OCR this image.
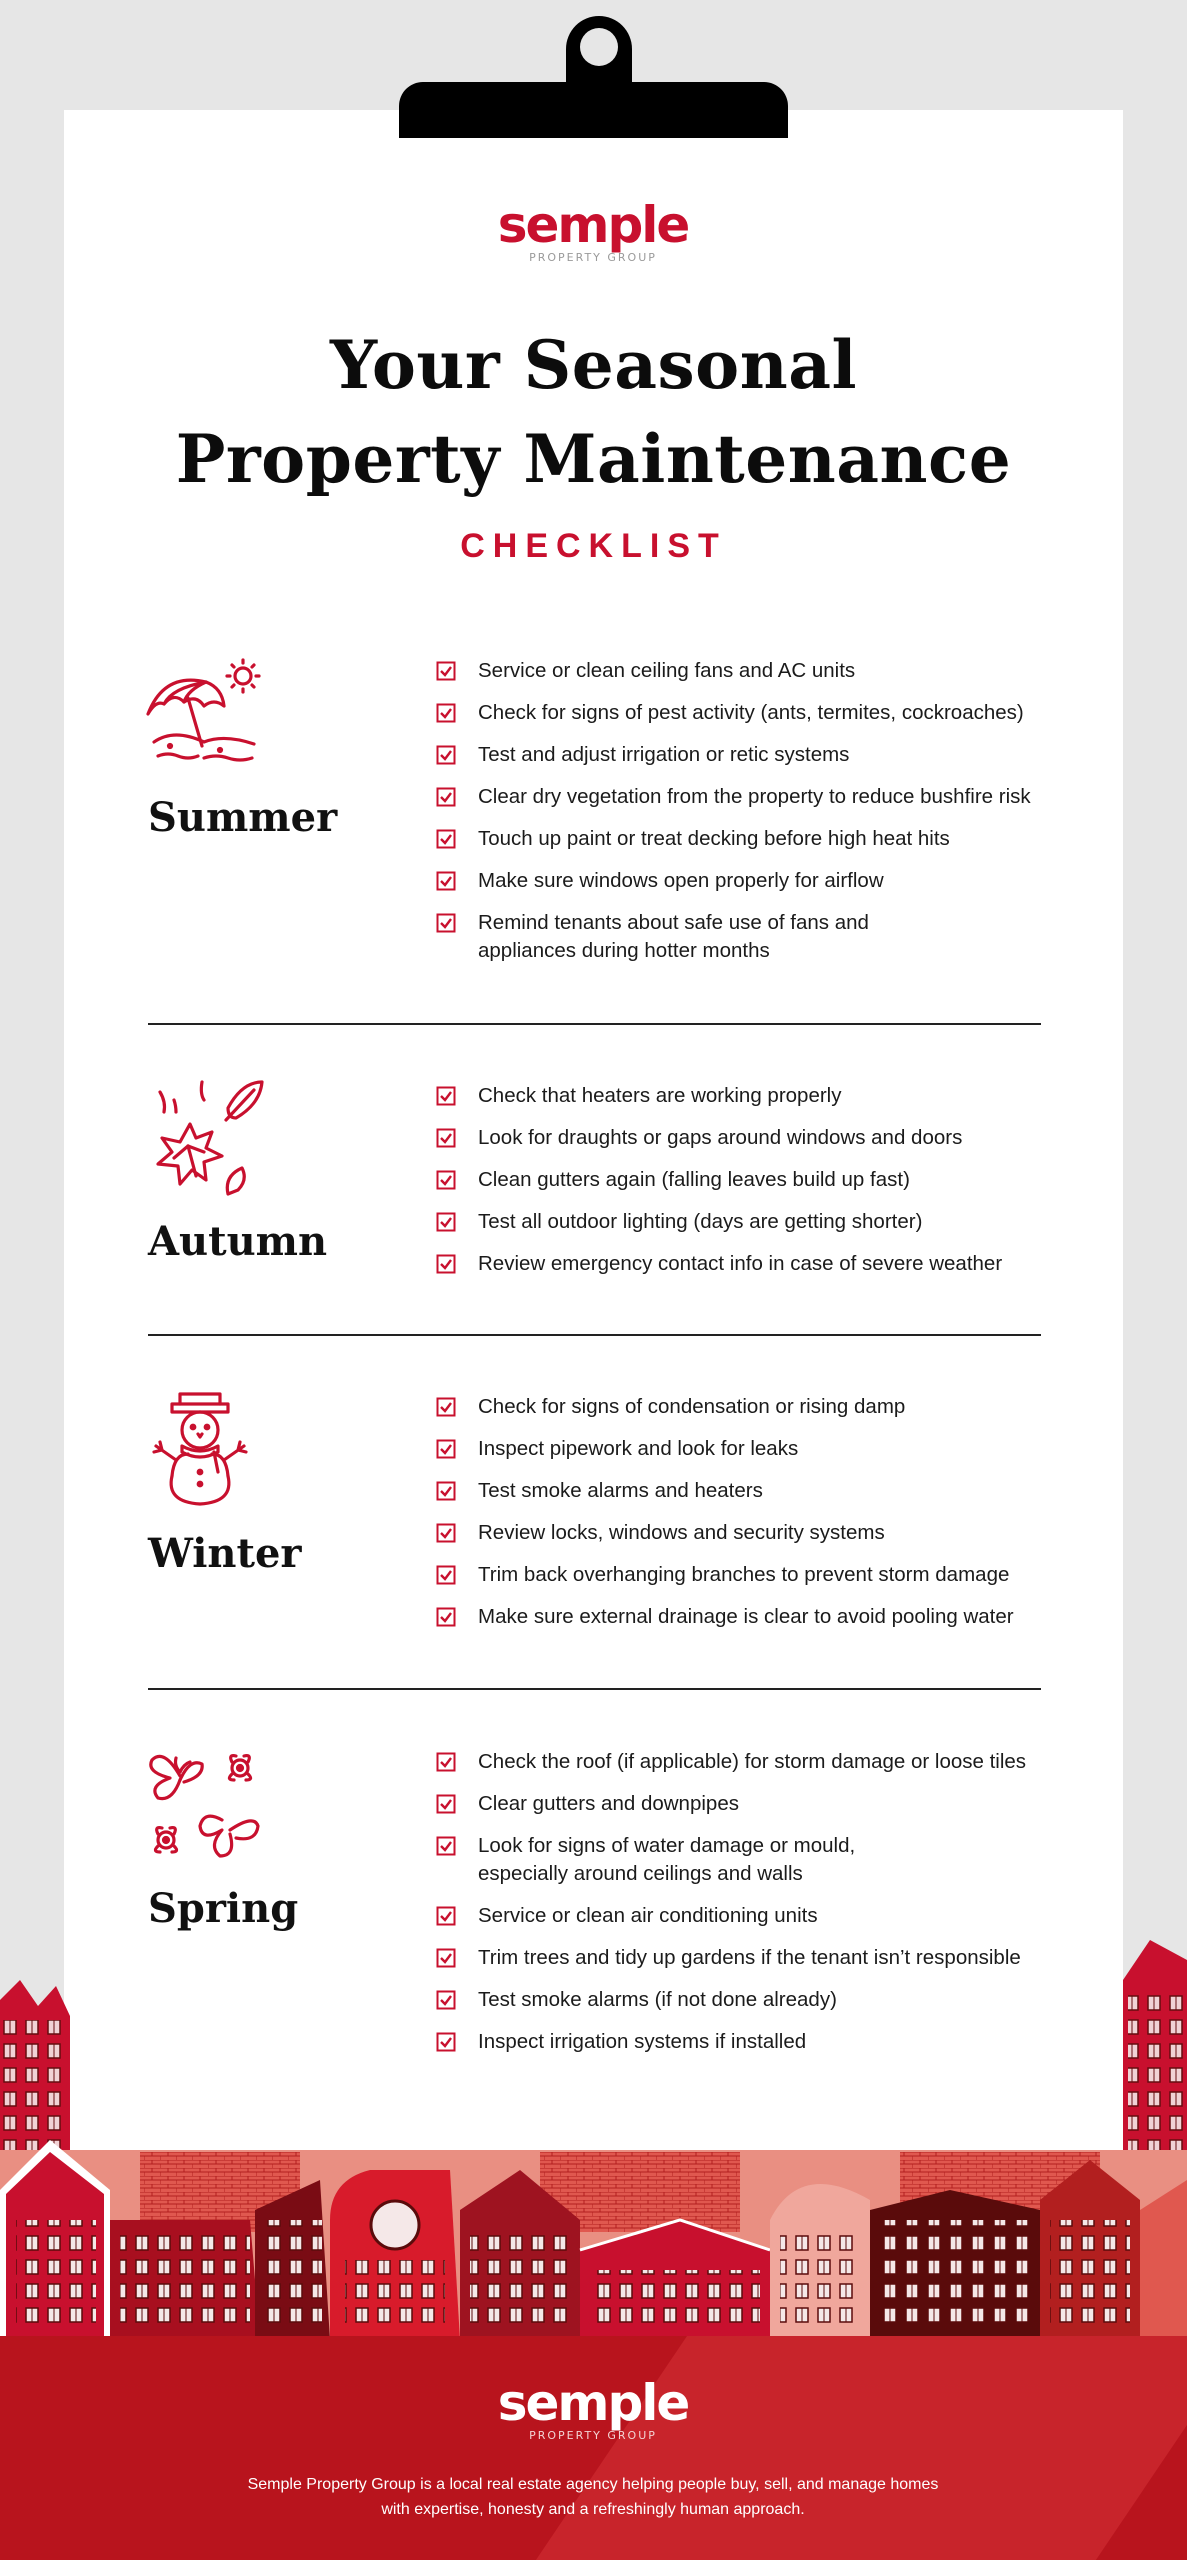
semple
PROPERTY GROUP
Your Seasonal
Property Maintenance
CHECKLIST
Summer
Service or clean ceiling fans and AC units
Check for signs of pest activity (ants, termites, cockroaches)
Test and adjust irrigation or retic systems
Clear dry vegetation from the property to reduce bushfire risk
Touch up paint or treat decking before high heat hits
Make sure windows open properly for airflow
Remind tenants about safe use of fans and appliances during hotter months
Autumn
Check that heaters are working properly
Look for draughts or gaps around windows and doors
Clean gutters again (falling leaves build up fast)
Test all outdoor lighting (days are getting shorter)
Review emergency contact info in case of severe weather
Winter
Check for signs of condensation or rising damp
Inspect pipework and look for leaks
Test smoke alarms and heaters
Review locks, windows and security systems
Trim back overhanging branches to prevent storm damage
Make sure external drainage is clear to avoid pooling water
Spring
Check the roof (if applicable) for storm damage or loose tiles
Clear gutters and downpipes
Look for signs of water damage or mould, especially around ceilings and walls
Service or clean air conditioning units
Trim trees and tidy up gardens if the tenant isn’t responsible
Test smoke alarms (if not done already)
Inspect irrigation systems if installed
semple
PROPERTY GROUP
Semple Property Group is a local real estate agency helping people buy, sell, and manage homes with expertise, honesty and a refreshingly human approach.
